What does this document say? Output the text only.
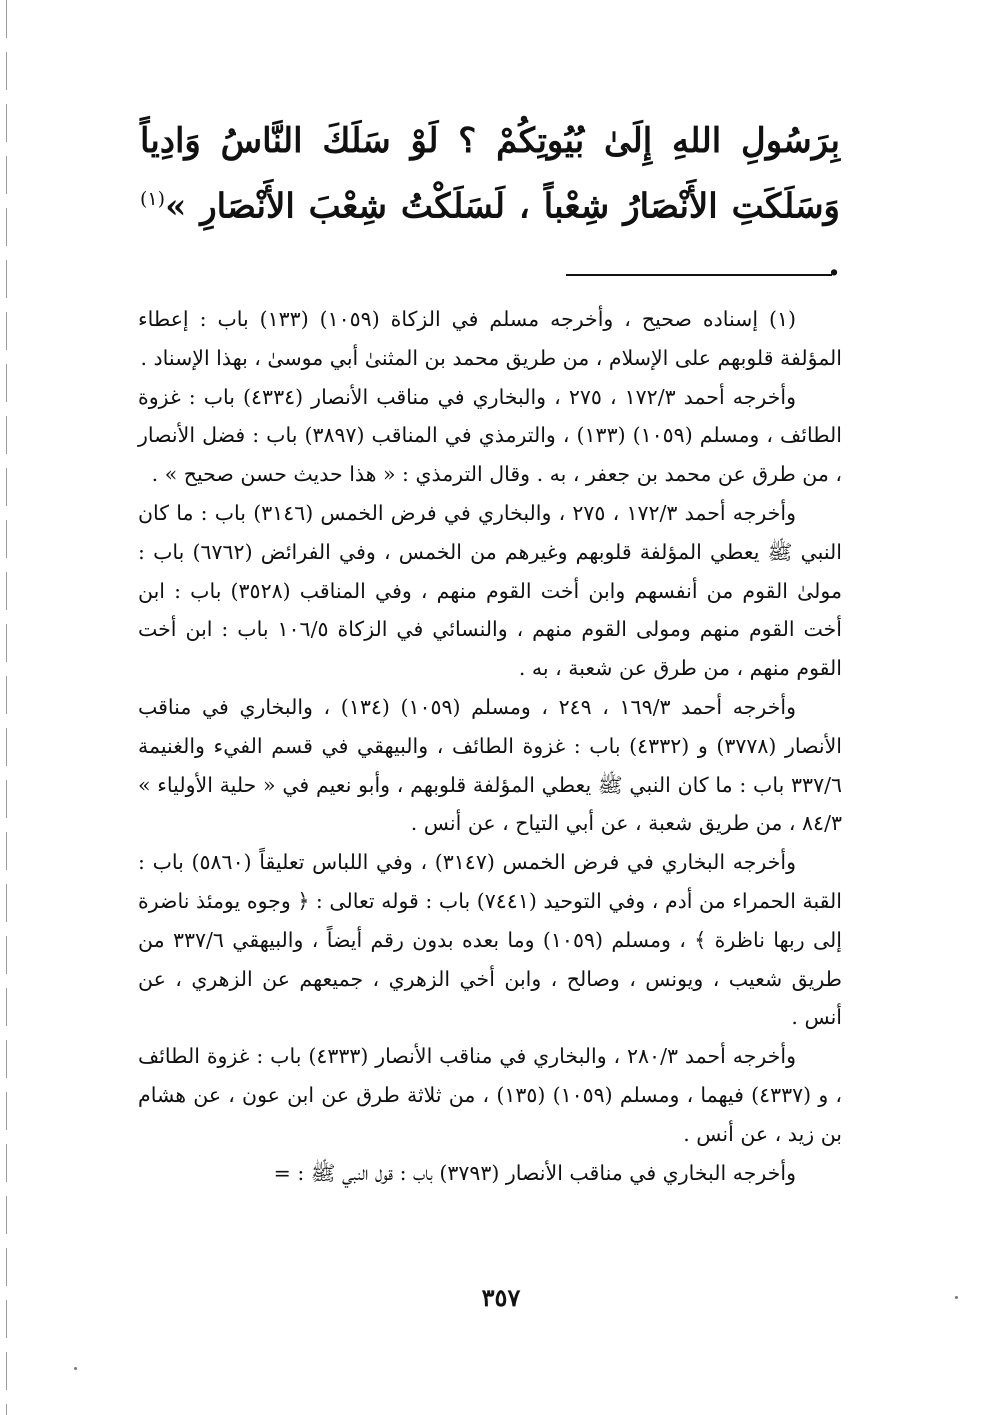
بِرَسُولِ اللهِ إِلَىٰ بُيُوتِكُمْ ؟ لَوْ سَلَكَ النَّاسُ وَادِياً وَسَلَكَتِ الأَنْصَارُ شِعْباً ، لَسَلَكْتُ شِعْبَ الأَنْصَارِ »$^{(١)}$ .

(١) إسناده صحيح ، وأخرجه مسلم في الزكاة (١٠٥٩) (١٣٣) باب : إعطاء المؤلفة قلوبهم على الإسلام ، من طريق محمد بن المثنىٰ أبي موسىٰ ، بهذا الإسناد .

وأخرجه أحمد ١٧٢/٣ ، ٢٧٥ ، والبخاري في مناقب الأنصار (٤٣٣٤) باب : غزوة الطائف ، ومسلم (١٠٥٩) (١٣٣) ، والترمذي في المناقب (٣٨٩٧) باب : فضل الأنصار ، من طرق عن محمد بن جعفر ، به . وقال الترمذي : « هذا حديث حسن صحيح » .

وأخرجه أحمد ١٧٢/٣ ، ٢٧٥ ، والبخاري في فرض الخمس (٣١٤٦) باب : ما كان النبي ﷺ يعطي المؤلفة قلوبهم وغيرهم من الخمس ، وفي الفرائض (٦٧٦٢) باب : مولىٰ القوم من أنفسهم وابن أخت القوم منهم ، وفي المناقب (٣٥٢٨) باب : ابن أخت القوم منهم ومولى القوم منهم ، والنسائي في الزكاة ١٠٦/٥ باب : ابن أخت القوم منهم ، من طرق عن شعبة ، به .

وأخرجه أحمد ١٦٩/٣ ، ٢٤٩ ، ومسلم (١٠٥٩) (١٣٤) ، والبخاري في مناقب الأنصار (٣٧٧٨) و (٤٣٣٢) باب : غزوة الطائف ، والبيهقي في قسم الفيء والغنيمة ٣٣٧/٦ باب : ما كان النبي ﷺ يعطي المؤلفة قلوبهم ، وأبو نعيم في « حلية الأولياء » ٨٤/٣ ، من طريق شعبة ، عن أبي التياح ، عن أنس .

وأخرجه البخاري في فرض الخمس (٣١٤٧) ، وفي اللباس تعليقاً (٥٨٦٠) باب : القبة الحمراء من أدم ، وفي التوحيد (٧٤٤١) باب : قوله تعالى : ﴿ وجوه يومئذ ناضرة إلى ربها ناظرة ﴾ ، ومسلم (١٠٥٩) وما بعده بدون رقم أيضاً ، والبيهقي ٣٣٧/٦ من طريق شعيب ، ويونس ، وصالح ، وابن أخي الزهري ، جميعهم عن الزهري ، عن أنس .

وأخرجه أحمد ٢٨٠/٣ ، والبخاري في مناقب الأنصار (٤٣٣٣) باب : غزوة الطائف ، و (٤٣٣٧) فيهما ، ومسلم (١٠٥٩) (١٣٥) ، من ثلاثة طرق عن ابن عون ، عن هشام بن زيد ، عن أنس .

وأخرجه البخاري في مناقب الأنصار (٣٧٩٣) باب : قول النبي ﷺ : =

٣٥٧
